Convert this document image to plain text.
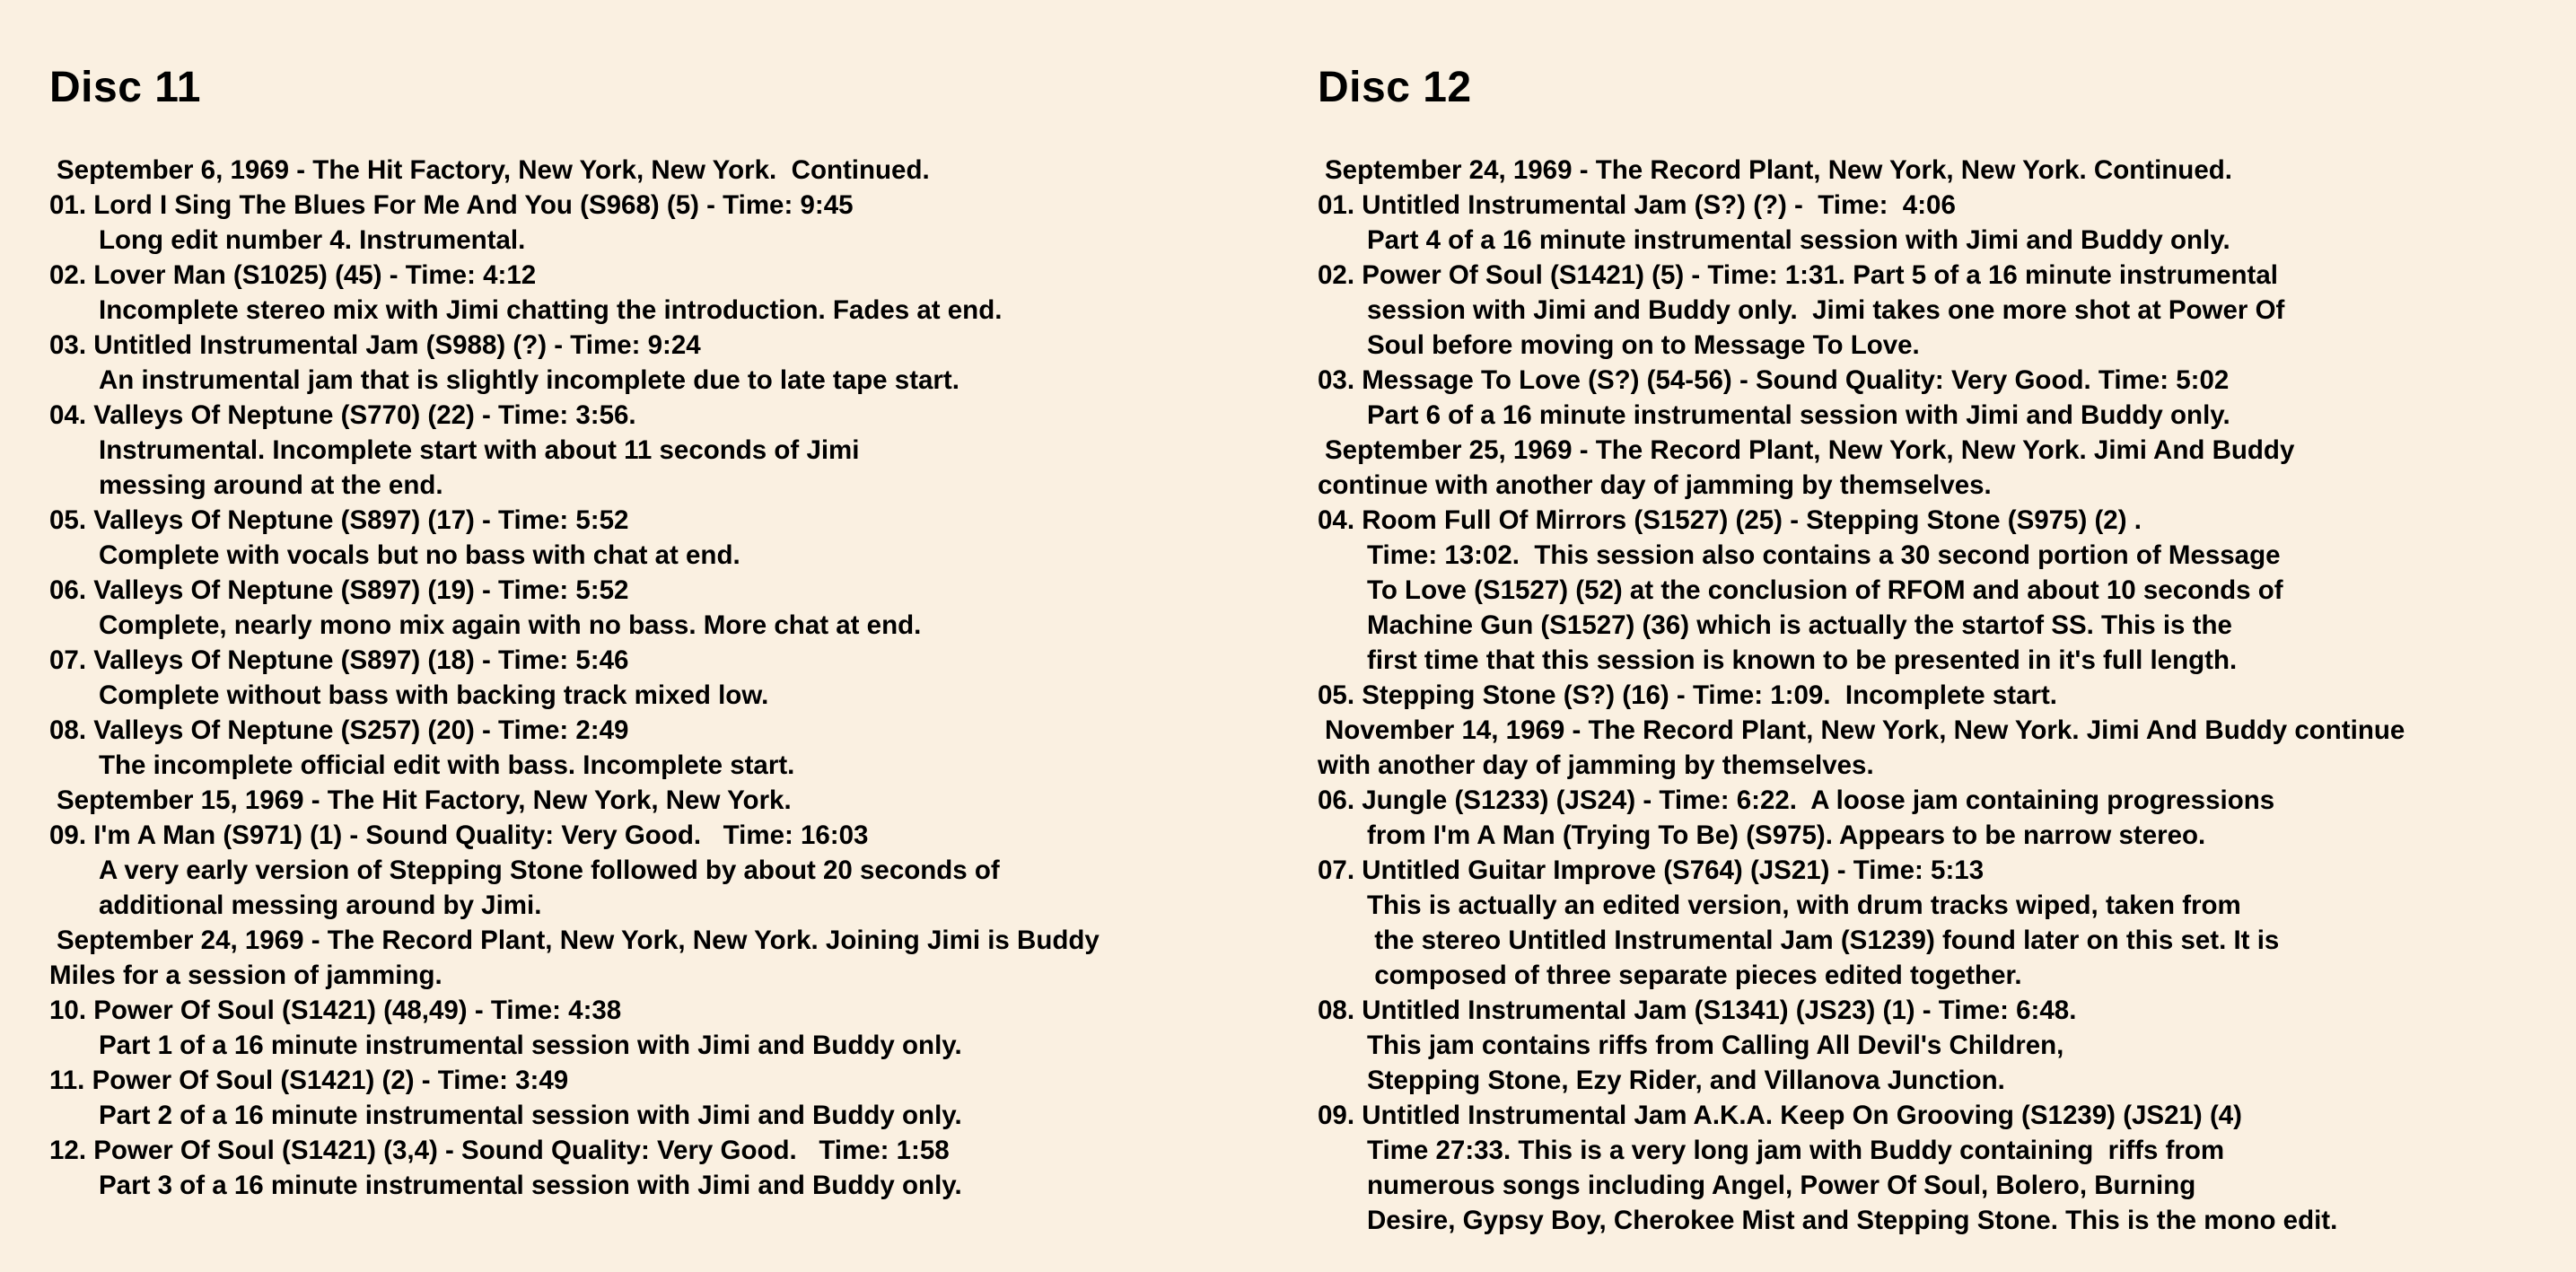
Disc 11
September 6, 1969 - The Hit Factory, New York, New York.  Continued.
01. Lord I Sing The Blues For Me And You (S968) (5) - Time: 9:45
Long edit number 4. Instrumental.
02. Lover Man (S1025) (45) - Time: 4:12
Incomplete stereo mix with Jimi chatting the introduction. Fades at end.
03. Untitled Instrumental Jam (S988) (?) - Time: 9:24
An instrumental jam that is slightly incomplete due to late tape start.
04. Valleys Of Neptune (S770) (22) - Time: 3:56.
Instrumental. Incomplete start with about 11 seconds of Jimi
messing around at the end.
05. Valleys Of Neptune (S897) (17) - Time: 5:52
Complete with vocals but no bass with chat at end.
06. Valleys Of Neptune (S897) (19) - Time: 5:52
Complete, nearly mono mix again with no bass. More chat at end.
07. Valleys Of Neptune (S897) (18) - Time: 5:46
Complete without bass with backing track mixed low.
08. Valleys Of Neptune (S257) (20) - Time: 2:49
The incomplete official edit with bass. Incomplete start.
September 15, 1969 - The Hit Factory, New York, New York.
09. I'm A Man (S971) (1) - Sound Quality: Very Good.   Time: 16:03
A very early version of Stepping Stone followed by about 20 seconds of
additional messing around by Jimi.
September 24, 1969 - The Record Plant, New York, New York. Joining Jimi is Buddy
Miles for a session of jamming.
10. Power Of Soul (S1421) (48,49) - Time: 4:38
Part 1 of a 16 minute instrumental session with Jimi and Buddy only.
11. Power Of Soul (S1421) (2) - Time: 3:49
Part 2 of a 16 minute instrumental session with Jimi and Buddy only.
12. Power Of Soul (S1421) (3,4) - Sound Quality: Very Good.   Time: 1:58
Part 3 of a 16 minute instrumental session with Jimi and Buddy only.
Disc 12
September 24, 1969 - The Record Plant, New York, New York. Continued.
01. Untitled Instrumental Jam (S?) (?) -  Time:  4:06
Part 4 of a 16 minute instrumental session with Jimi and Buddy only.
02. Power Of Soul (S1421) (5) - Time: 1:31. Part 5 of a 16 minute instrumental
session with Jimi and Buddy only.  Jimi takes one more shot at Power Of
Soul before moving on to Message To Love.
03. Message To Love (S?) (54-56) - Sound Quality: Very Good. Time: 5:02
Part 6 of a 16 minute instrumental session with Jimi and Buddy only.
September 25, 1969 - The Record Plant, New York, New York. Jimi And Buddy
continue with another day of jamming by themselves.
04. Room Full Of Mirrors (S1527) (25) - Stepping Stone (S975) (2) .
Time: 13:02.  This session also contains a 30 second portion of Message
To Love (S1527) (52) at the conclusion of RFOM and about 10 seconds of
Machine Gun (S1527) (36) which is actually the startof SS. This is the
first time that this session is known to be presented in it's full length.
05. Stepping Stone (S?) (16) - Time: 1:09.  Incomplete start.
November 14, 1969 - The Record Plant, New York, New York. Jimi And Buddy continue
with another day of jamming by themselves.
06. Jungle (S1233) (JS24) - Time: 6:22.  A loose jam containing progressions
from I'm A Man (Trying To Be) (S975). Appears to be narrow stereo.
07. Untitled Guitar Improve (S764) (JS21) - Time: 5:13
This is actually an edited version, with drum tracks wiped, taken from
the stereo Untitled Instrumental Jam (S1239) found later on this set. It is
composed of three separate pieces edited together.
08. Untitled Instrumental Jam (S1341) (JS23) (1) - Time: 6:48.
This jam contains riffs from Calling All Devil's Children,
Stepping Stone, Ezy Rider, and Villanova Junction.
09. Untitled Instrumental Jam A.K.A. Keep On Grooving (S1239) (JS21) (4)
Time 27:33. This is a very long jam with Buddy containing  riffs from
numerous songs including Angel, Power Of Soul, Bolero, Burning
Desire, Gypsy Boy, Cherokee Mist and Stepping Stone. This is the mono edit.
